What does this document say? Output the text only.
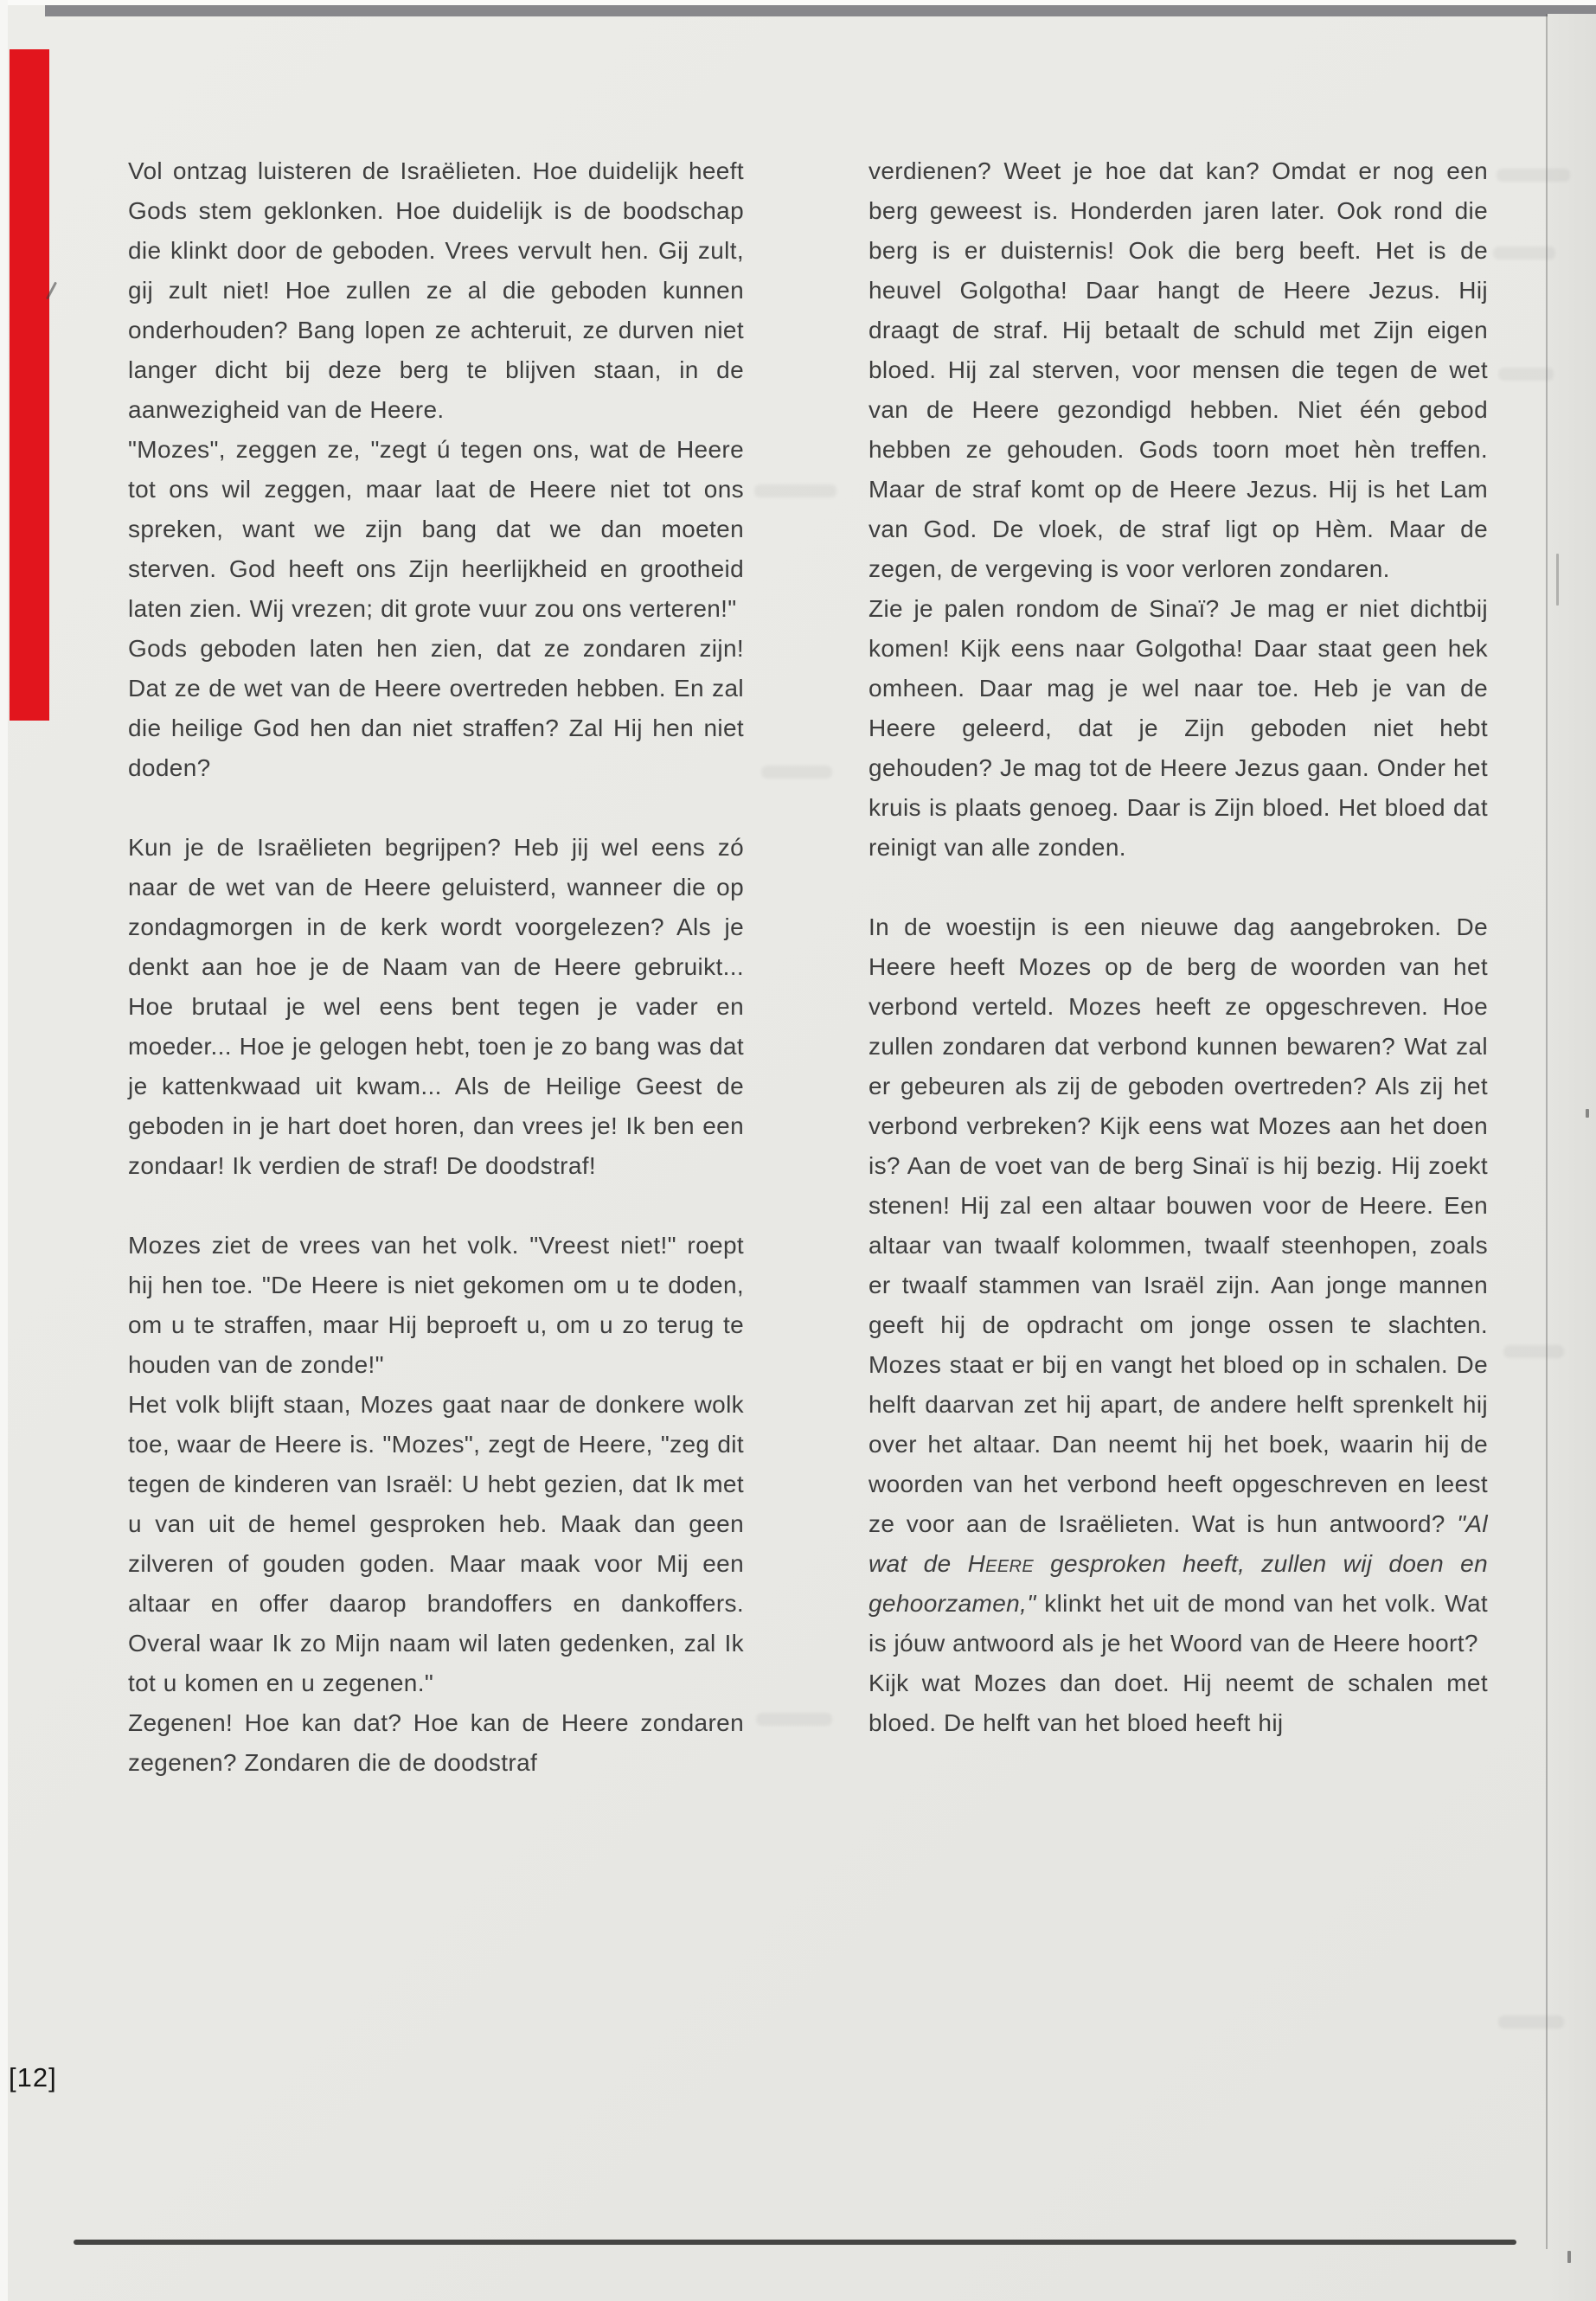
Vol ontzag luisteren de Israëlieten. Hoe duidelijk heeft Gods stem geklonken. Hoe duidelijk is de boodschap die klinkt door de geboden. Vrees vervult hen. Gij zult, gij zult niet! Hoe zullen ze al die geboden kunnen onderhouden? Bang lopen ze achteruit, ze durven niet langer dicht bij deze berg te blijven staan, in de aanwezigheid van de Heere.

"Mozes", zeggen ze, "zegt ú tegen ons, wat de Heere tot ons wil zeggen, maar laat de Heere niet tot ons spreken, want we zijn bang dat we dan moeten sterven. God heeft ons Zijn heerlijkheid en grootheid laten zien. Wij vrezen; dit grote vuur zou ons verteren!"

Gods geboden laten hen zien, dat ze zondaren zijn! Dat ze de wet van de Heere overtreden hebben. En zal die heilige God hen dan niet straffen? Zal Hij hen niet doden?

Kun je de Israëlieten begrijpen? Heb jij wel eens zó naar de wet van de Heere geluisterd, wanneer die op zondagmorgen in de kerk wordt voorgelezen? Als je denkt aan hoe je de Naam van de Heere gebruikt... Hoe brutaal je wel eens bent tegen je vader en moeder... Hoe je gelogen hebt, toen je zo bang was dat je kattenkwaad uit kwam... Als de Heilige Geest de geboden in je hart doet horen, dan vrees je! Ik ben een zondaar! Ik verdien de straf! De doodstraf!

Mozes ziet de vrees van het volk. "Vreest niet!" roept hij hen toe. "De Heere is niet gekomen om u te doden, om u te straffen, maar Hij beproeft u, om u zo terug te houden van de zonde!"

Het volk blijft staan, Mozes gaat naar de donkere wolk toe, waar de Heere is. "Mozes", zegt de Heere, "zeg dit tegen de kinderen van Israël: U hebt gezien, dat Ik met u van uit de hemel gesproken heb. Maak dan geen zilveren of gouden goden. Maar maak voor Mij een altaar en offer daarop brandoffers en dankoffers. Overal waar Ik zo Mijn naam wil laten gedenken, zal Ik tot u komen en u zegenen."

Zegenen! Hoe kan dat? Hoe kan de Heere zondaren zegenen? Zondaren die de doodstraf

verdienen? Weet je hoe dat kan? Omdat er nog een berg geweest is. Honderden jaren later. Ook rond die berg is er duisternis! Ook die berg beeft. Het is de heuvel Golgotha! Daar hangt de Heere Jezus. Hij draagt de straf. Hij betaalt de schuld met Zijn eigen bloed. Hij zal sterven, voor mensen die tegen de wet van de Heere gezondigd hebben. Niet één gebod hebben ze gehouden. Gods toorn moet hèn treffen. Maar de straf komt op de Heere Jezus. Hij is het Lam van God. De vloek, de straf ligt op Hèm. Maar de zegen, de vergeving is voor verloren zondaren.

Zie je palen rondom de Sinaï? Je mag er niet dichtbij komen! Kijk eens naar Golgotha! Daar staat geen hek omheen. Daar mag je wel naar toe. Heb je van de Heere geleerd, dat je Zijn geboden niet hebt gehouden? Je mag tot de Heere Jezus gaan. Onder het kruis is plaats genoeg. Daar is Zijn bloed. Het bloed dat reinigt van alle zonden.

In de woestijn is een nieuwe dag aangebroken. De Heere heeft Mozes op de berg de woorden van het verbond verteld. Mozes heeft ze opgeschreven. Hoe zullen zondaren dat verbond kunnen bewaren? Wat zal er gebeuren als zij de geboden overtreden? Als zij het verbond verbreken? Kijk eens wat Mozes aan het doen is? Aan de voet van de berg Sinaï is hij bezig. Hij zoekt stenen! Hij zal een altaar bouwen voor de Heere. Een altaar van twaalf kolommen, twaalf steenhopen, zoals er twaalf stammen van Israël zijn. Aan jonge mannen geeft hij de opdracht om jonge ossen te slachten. Mozes staat er bij en vangt het bloed op in schalen. De helft daarvan zet hij apart, de andere helft sprenkelt hij over het altaar. Dan neemt hij het boek, waarin hij de woorden van het verbond heeft opgeschreven en leest ze voor aan de Israëlieten. Wat is hun antwoord? "Al wat de Heere gesproken heeft, zullen wij doen en gehoorzamen," klinkt het uit de mond van het volk. Wat is jóuw antwoord als je het Woord van de Heere hoort?

Kijk wat Mozes dan doet. Hij neemt de schalen met bloed. De helft van het bloed heeft hij

[12]
